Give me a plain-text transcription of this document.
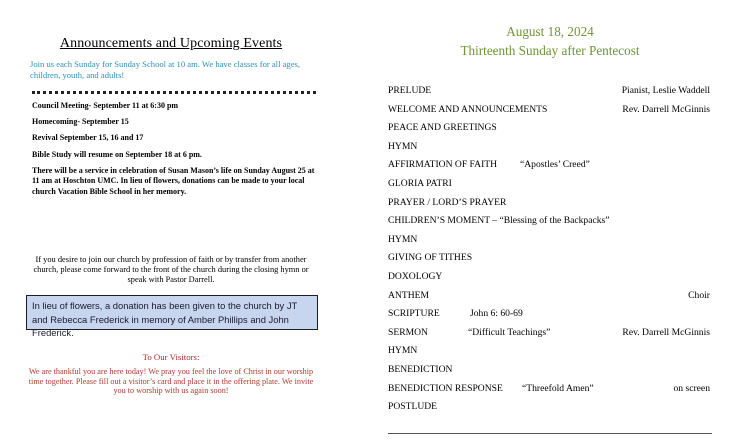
Announcements and Upcoming Events
Join us each Sunday for Sunday School at 10 am. We have classes for all ages, children, youth, and adults!
Council Meeting- September 11 at 6:30 pm
Homecoming- September 15
Revival September 15, 16 and 17
Bible Study will resume on September 18 at 6 pm.
There will be a service in celebration of Susan Mason’s life on Sunday August 25 at 11 am at Hoschton UMC. In lieu of flowers, donations can be made to your local church Vacation Bible School in her memory.
If you desire to join our church by profession of faith or by transfer from another church, please come forward to the front of the church during the closing hymn or speak with Pastor Darrell.
In lieu of flowers, a donation has been given to the church by JT and Rebecca Frederick in memory of Amber Phillips and John Frederick.
To Our Visitors:
We are thankful you are here today! We pray you feel the love of Christ in our worship time together. Please fill out a visitor’s card and place it in the offering plate. We invite you to worship with us again soon!
August 18, 2024
Thirteenth Sunday after Pentecost
PRELUDE	Pianist, Leslie Waddell
WELCOME AND ANNOUNCEMENTS	Rev. Darrell McGinnis
PEACE AND GREETINGS
HYMN
AFFIRMATION OF FAITH “Apostles’ Creed”
GLORIA PATRI
PRAYER / LORD’S PRAYER
CHILDREN’S MOMENT – “Blessing of the Backpacks”
HYMN
GIVING OF TITHES
DOXOLOGY
ANTHEM	Choir
SCRIPTURE	John 6: 60-69
SERMON	“Difficult Teachings”	Rev. Darrell McGinnis
HYMN
BENEDICTION
BENEDICTION RESPONSE “Threefold Amen”	on screen
POSTLUDE
